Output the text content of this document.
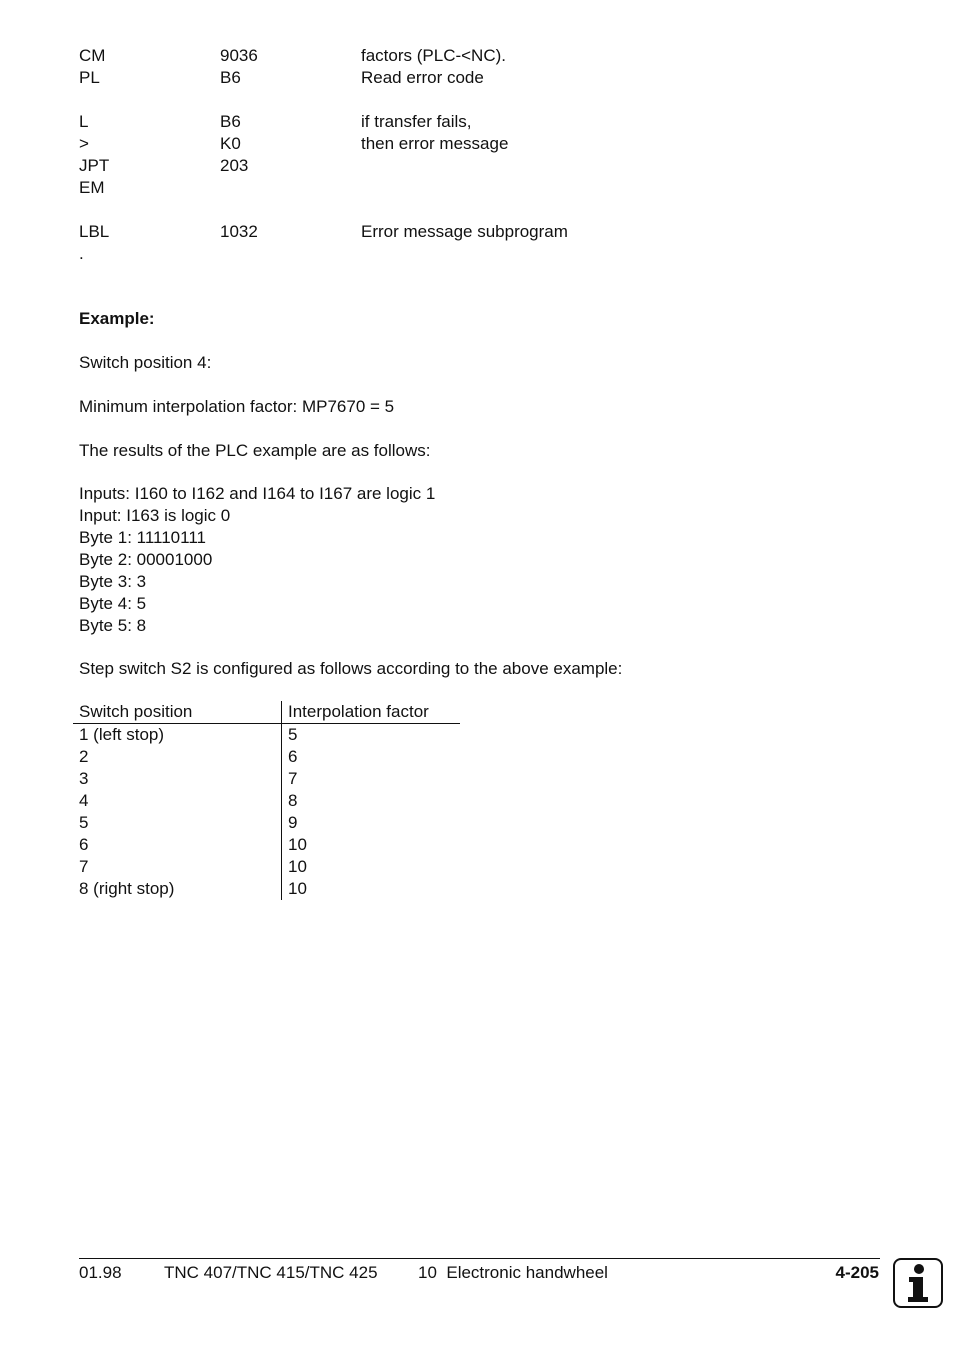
CM	9036	factors (PLC-<NC).
PL	B6	Read error code
L	B6	if transfer fails,
>	K0	then error message
JPT	203
EM
LBL	1032	Error message subprogram
.
Example:
Switch position 4:
Minimum interpolation factor: MP7670 = 5
The results of the PLC example are as follows:
Inputs: I160 to I162 and I164 to I167 are logic 1
Input: I163 is logic 0
Byte 1: 11110111
Byte 2: 00001000
Byte 3: 3
Byte 4: 5
Byte 5: 8
Step switch S2 is configured as follows according to the above example:
Switch position	Interpolation factor
1 (left stop)	5
2	6
3	7
4	8
5	9
6	10
7	10
8 (right stop)	10
01.98 TNC 407/TNC 415/TNC 425 10  Electronic handwheel	4-205
